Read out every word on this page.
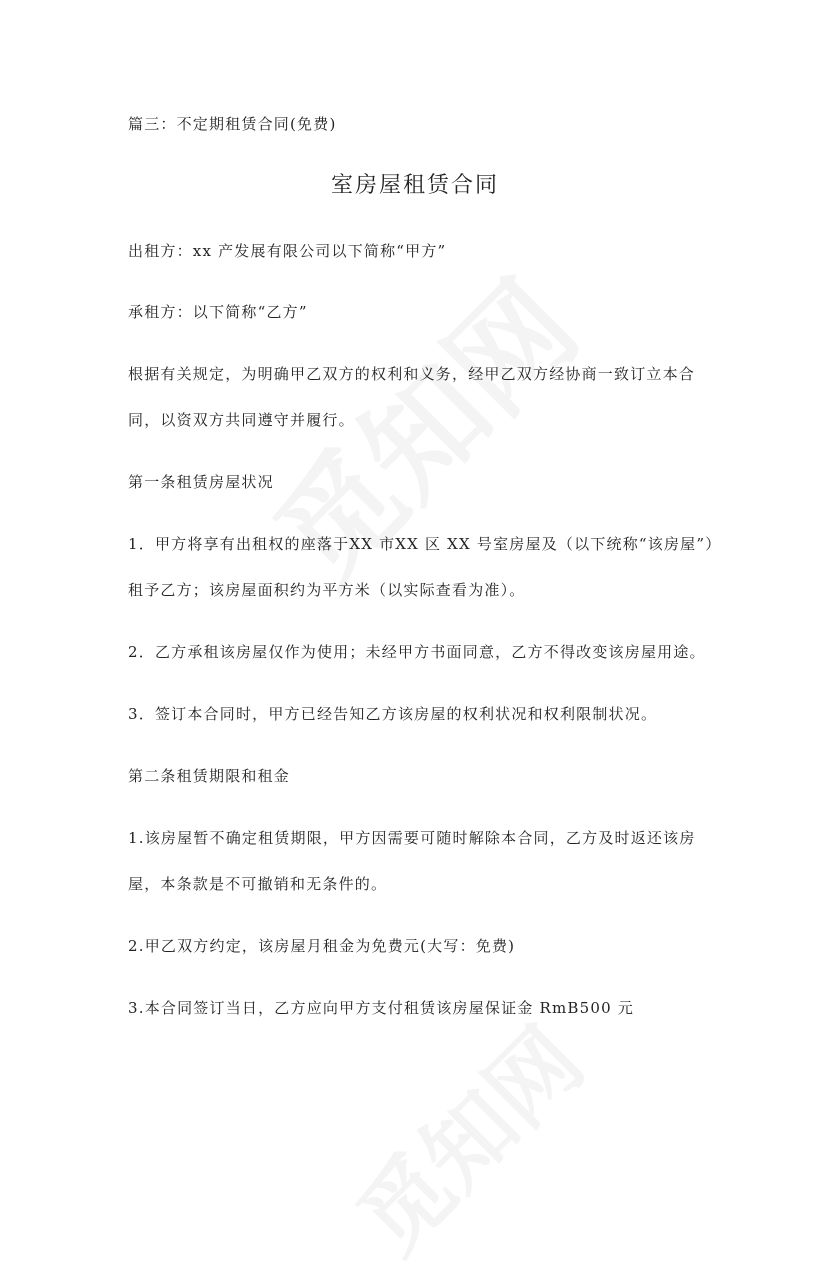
篇三：不定期租赁合同(免费)
室房屋租赁合同
出租方：xx 产发展有限公司以下简称“甲方”
承租方：以下简称“乙方”
根据有关规定，为明确甲乙双方的权利和义务，经甲乙双方经协商一致订立本合
同，以资双方共同遵守并履行。
第一条租赁房屋状况
1．甲方将享有出租权的座落于XX 市XX 区 XX 号室房屋及（以下统称“该房屋”）
租予乙方；该房屋面积约为平方米（以实际查看为准）。
2．乙方承租该房屋仅作为使用；未经甲方书面同意，乙方不得改变该房屋用途。
3．签订本合同时，甲方已经告知乙方该房屋的权利状况和权利限制状况。
第二条租赁期限和租金
1.该房屋暂不确定租赁期限，甲方因需要可随时解除本合同，乙方及时返还该房
屋，本条款是不可撤销和无条件的。
2.甲乙双方约定，该房屋月租金为免费元(大写：免费)
3.本合同签订当日，乙方应向甲方支付租赁该房屋保证金 RmB500 元
